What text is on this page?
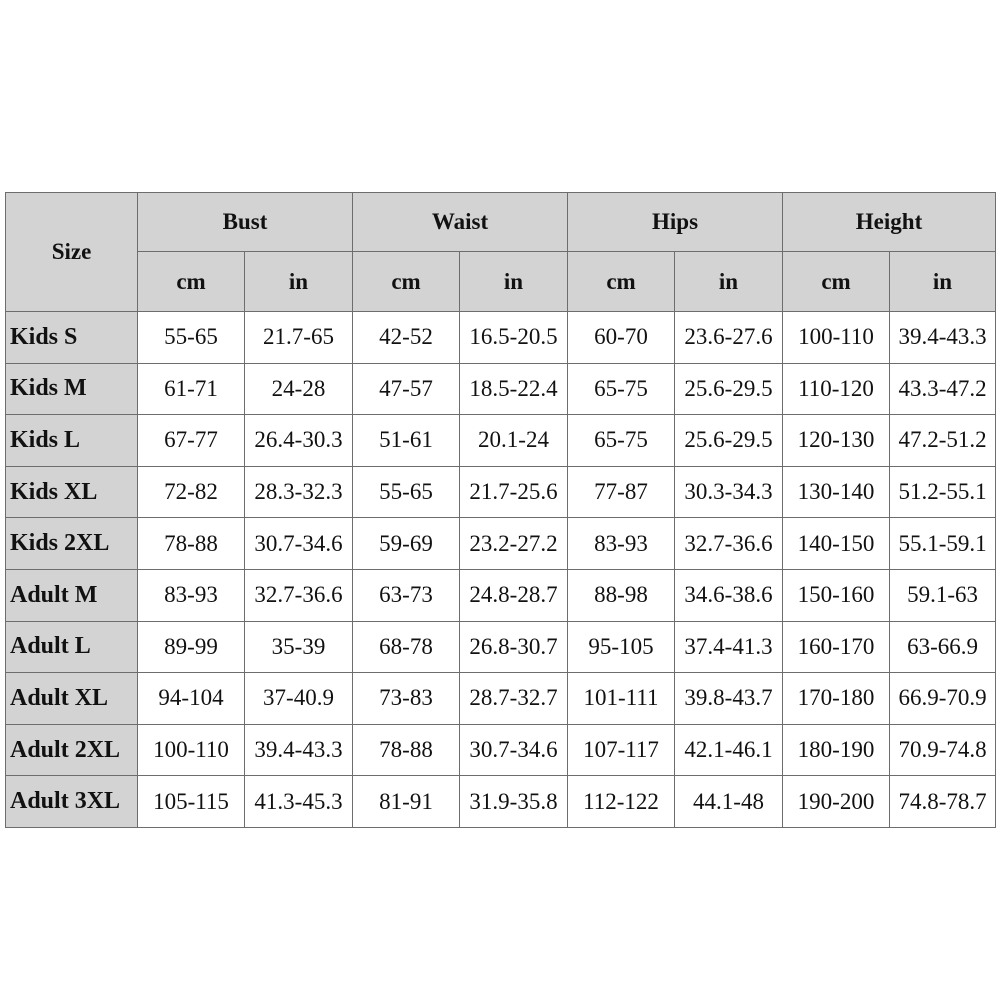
Size	Bust		Waist		Hips		Height	
	cm	in	cm	in	cm	in	cm	in
Kids S	55-65	21.7-65	42-52	16.5-20.5	60-70	23.6-27.6	100-110	39.4-43.3
Kids M	61-71	24-28	47-57	18.5-22.4	65-75	25.6-29.5	110-120	43.3-47.2
Kids L	67-77	26.4-30.3	51-61	20.1-24	65-75	25.6-29.5	120-130	47.2-51.2
Kids XL	72-82	28.3-32.3	55-65	21.7-25.6	77-87	30.3-34.3	130-140	51.2-55.1
Kids 2XL	78-88	30.7-34.6	59-69	23.2-27.2	83-93	32.7-36.6	140-150	55.1-59.1
Adult M	83-93	32.7-36.6	63-73	24.8-28.7	88-98	34.6-38.6	150-160	59.1-63
Adult L	89-99	35-39	68-78	26.8-30.7	95-105	37.4-41.3	160-170	63-66.9
Adult XL	94-104	37-40.9	73-83	28.7-32.7	101-111	39.8-43.7	170-180	66.9-70.9
Adult 2XL	100-110	39.4-43.3	78-88	30.7-34.6	107-117	42.1-46.1	180-190	70.9-74.8
Adult 3XL	105-115	41.3-45.3	81-91	31.9-35.8	112-122	44.1-48	190-200	74.8-78.7
